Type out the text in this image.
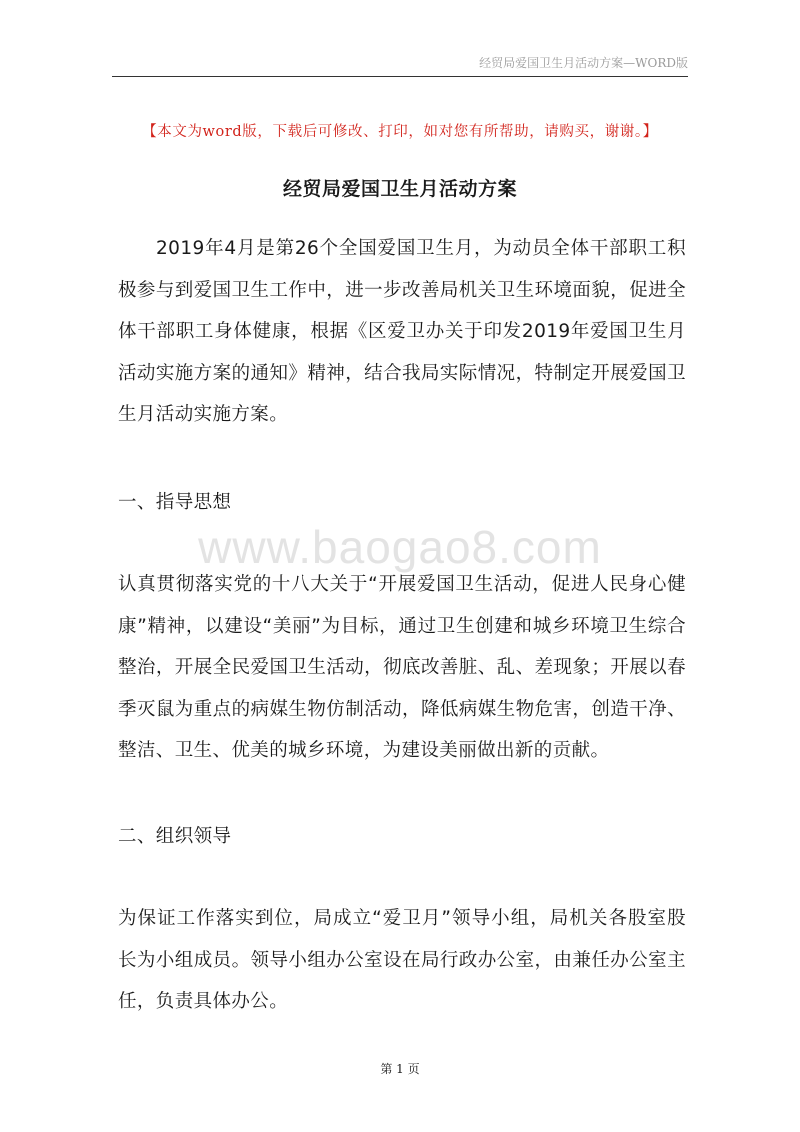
经贸局爱国卫生月活动方案—WORD版
【本文为word版，下载后可修改、打印，如对您有所帮助，请购买，谢谢。】
经贸局爱国卫生月活动方案

2019年4月是第26个全国爱国卫生月，为动员全体干部职工积极参与到爱国卫生工作中，进一步改善局机关卫生环境面貌，促进全体干部职工身体健康，根据《区爱卫办关于印发2019年爱国卫生月活动实施方案的通知》精神，结合我局实际情况，特制定开展爱国卫生月活动实施方案。

一、指导思想
www.baogao8.com

认真贯彻落实党的十八大关于“开展爱国卫生活动，促进人民身心健康”精神，以建设“美丽”为目标，通过卫生创建和城乡环境卫生综合整治，开展全民爱国卫生活动，彻底改善脏、乱、差现象；开展以春季灭鼠为重点的病媒生物仿制活动，降低病媒生物危害，创造干净、整洁、卫生、优美的城乡环境，为建设美丽做出新的贡献。

二、组织领导

为保证工作落实到位，局成立“爱卫月”领导小组，局机关各股室股长为小组成员。领导小组办公室设在局行政办公室，由兼任办公室主任，负责具体办公。

第 1 页
